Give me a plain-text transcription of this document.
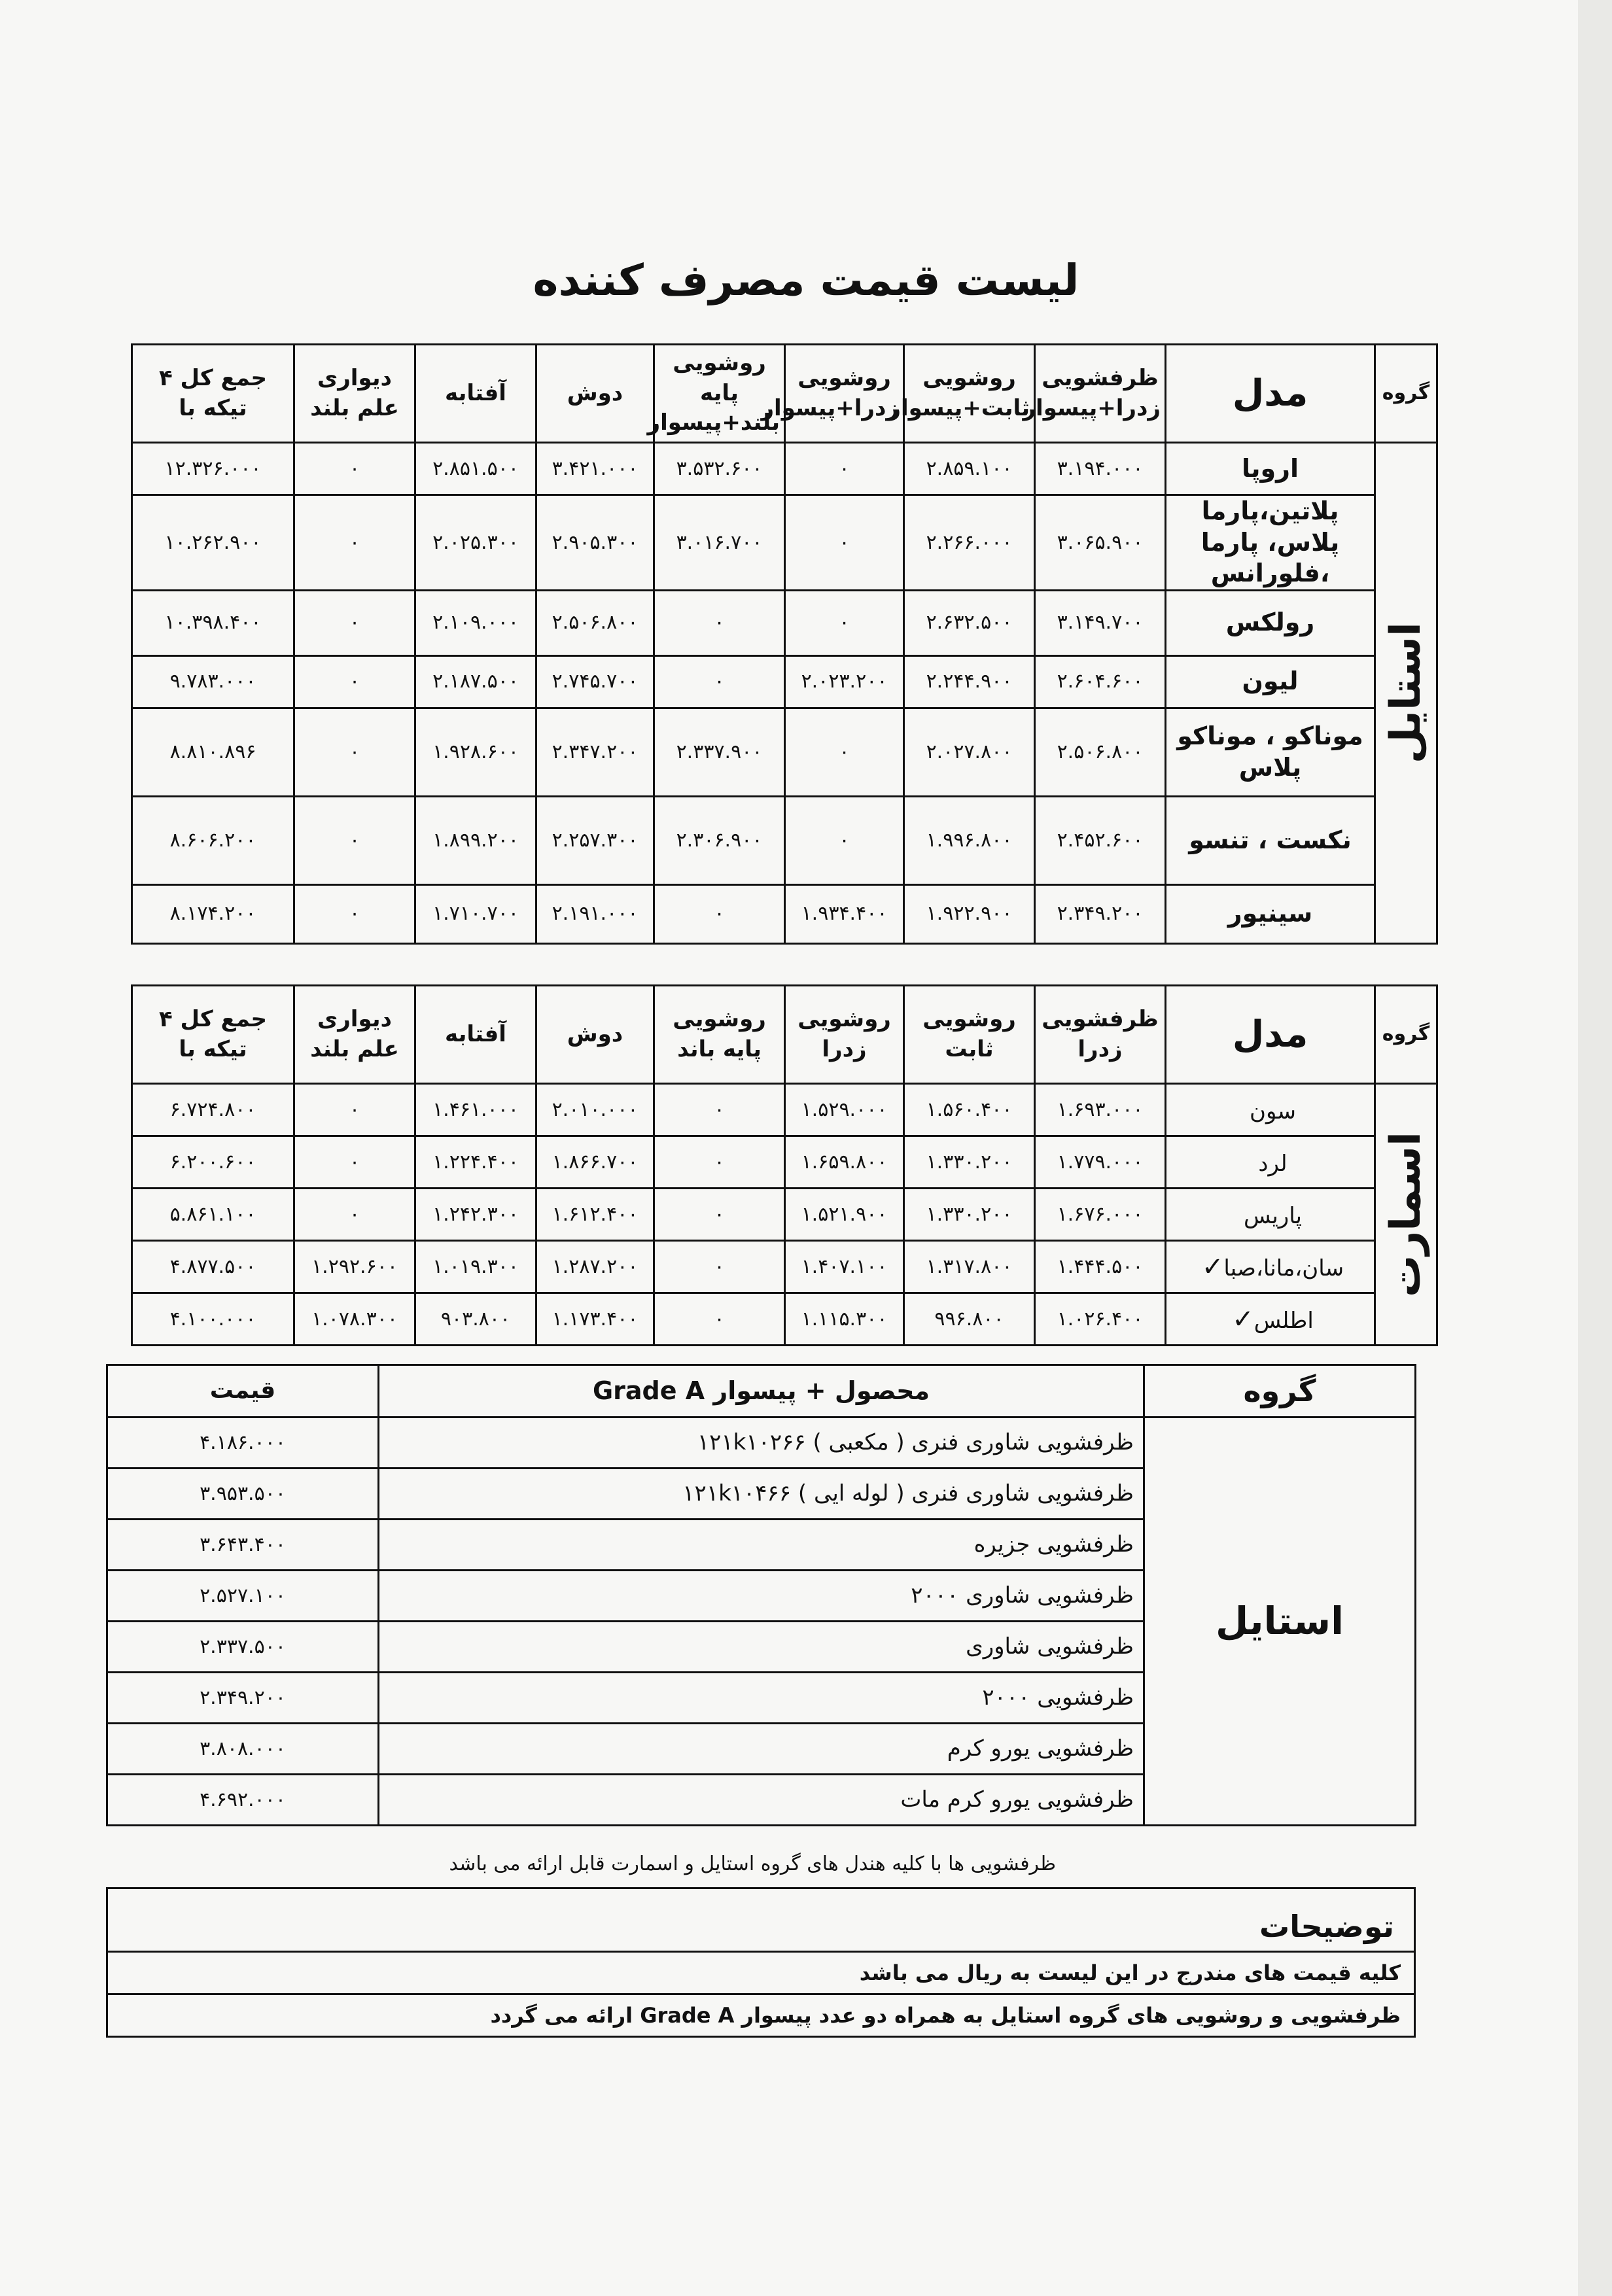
لیست قیمت مصرف کننده
گروه	مدل	ظرفشویی زدرا+پیسوار	روشویی ثابت+پیسوار	روشویی زدرا+پیسوار	روشویی پایه بلند+پیسوار	دوش	آفتابه	دیواری علم بلند	جمع کل ۴ تیکه با

استایل	اروپا	۳.۱۹۴.۰۰۰	۲.۸۵۹.۱۰۰	۰	۳.۵۳۲.۶۰۰	۳.۴۲۱.۰۰۰	۲.۸۵۱.۵۰۰	۰	۱۲.۳۲۶.۰۰۰
	پلاتین،پارما پلاس، پارما ،فلورانس	۳.۰۶۵.۹۰۰	۲.۲۶۶.۰۰۰	۰	۳.۰۱۶.۷۰۰	۲.۹۰۵.۳۰۰	۲.۰۲۵.۳۰۰	۰	۱۰.۲۶۲.۹۰۰
	رولکس	۳.۱۴۹.۷۰۰	۲.۶۳۲.۵۰۰	۰	۰	۲.۵۰۶.۸۰۰	۲.۱۰۹.۰۰۰	۰	۱۰.۳۹۸.۴۰۰
	لیون	۲.۶۰۴.۶۰۰	۲.۲۴۴.۹۰۰	۲.۰۲۳.۲۰۰	۰	۲.۷۴۵.۷۰۰	۲.۱۸۷.۵۰۰	۰	۹.۷۸۳.۰۰۰
	موناکو ، موناکو پلاس	۲.۵۰۶.۸۰۰	۲.۰۲۷.۸۰۰	۰	۲.۳۳۷.۹۰۰	۲.۳۴۷.۲۰۰	۱.۹۲۸.۶۰۰	۰	۸.۸۱۰.۸۹۶
	نکست ، تنسو	۲.۴۵۲.۶۰۰	۱.۹۹۶.۸۰۰	۰	۲.۳۰۶.۹۰۰	۲.۲۵۷.۳۰۰	۱.۸۹۹.۲۰۰	۰	۸.۶۰۶.۲۰۰
	سینیور	۲.۳۴۹.۲۰۰	۱.۹۲۲.۹۰۰	۱.۹۳۴.۴۰۰	۰	۲.۱۹۱.۰۰۰	۱.۷۱۰.۷۰۰	۰	۸.۱۷۴.۲۰۰
گروه	مدل	ظرفشویی زدرا	روشویی ثابت	روشویی زدرا	روشویی پایه باند	دوش	آفتابه	دیواری علم بلند	جمع کل ۴ تیکه با

اسمارت	سون	۱.۶۹۳.۰۰۰	۱.۵۶۰.۴۰۰	۱.۵۲۹.۰۰۰	۰	۲.۰۱۰.۰۰۰	۱.۴۶۱.۰۰۰	۰	۶.۷۲۴.۸۰۰
	لرد	۱.۷۷۹.۰۰۰	۱.۳۳۰.۲۰۰	۱.۶۵۹.۸۰۰	۰	۱.۸۶۶.۷۰۰	۱.۲۲۴.۴۰۰	۰	۶.۲۰۰.۶۰۰
	پاریس	۱.۶۷۶.۰۰۰	۱.۳۳۰.۲۰۰	۱.۵۲۱.۹۰۰	۰	۱.۶۱۲.۴۰۰	۱.۲۴۲.۳۰۰	۰	۵.۸۶۱.۱۰۰
	سان،مانا،صبا✓	۱.۴۴۴.۵۰۰	۱.۳۱۷.۸۰۰	۱.۴۰۷.۱۰۰	۰	۱.۲۸۷.۲۰۰	۱.۰۱۹.۳۰۰	۱.۲۹۲.۶۰۰	۴.۸۷۷.۵۰۰
	اطلس✓	۱.۰۲۶.۴۰۰	۹۹۶.۸۰۰	۱.۱۱۵.۳۰۰	۰	۱.۱۷۳.۴۰۰	۹۰۳.۸۰۰	۱.۰۷۸.۳۰۰	۴.۱۰۰.۰۰۰
گروه	محصول + پیسوار Grade A	قیمت
استایل	ظرفشویی شاوری فنری ( مکعبی ) ۱۲۱k۱۰۲۶۶	۴.۱۸۶.۰۰۰
	ظرفشویی شاوری فنری ( لوله ایی ) ۱۲۱k۱۰۴۶۶	۳.۹۵۳.۵۰۰
	ظرفشویی جزیره	۳.۶۴۳.۴۰۰
	ظرفشویی شاوری ۲۰۰۰	۲.۵۲۷.۱۰۰
	ظرفشویی شاوری	۲.۳۳۷.۵۰۰
	ظرفشویی ۲۰۰۰	۲.۳۴۹.۲۰۰
	ظرفشویی یورو کرم	۳.۸۰۸.۰۰۰
	ظرفشویی یورو کرم مات	۴.۶۹۲.۰۰۰
ظرفشویی ها با کلیه هندل های گروه استایل و اسمارت قابل ارائه می باشد
توضیحات
کلیه قیمت های مندرج در این لیست به ریال می باشد
ظرفشویی و روشویی های گروه استایل به همراه دو عدد پیسوار Grade A ارائه می گردد
